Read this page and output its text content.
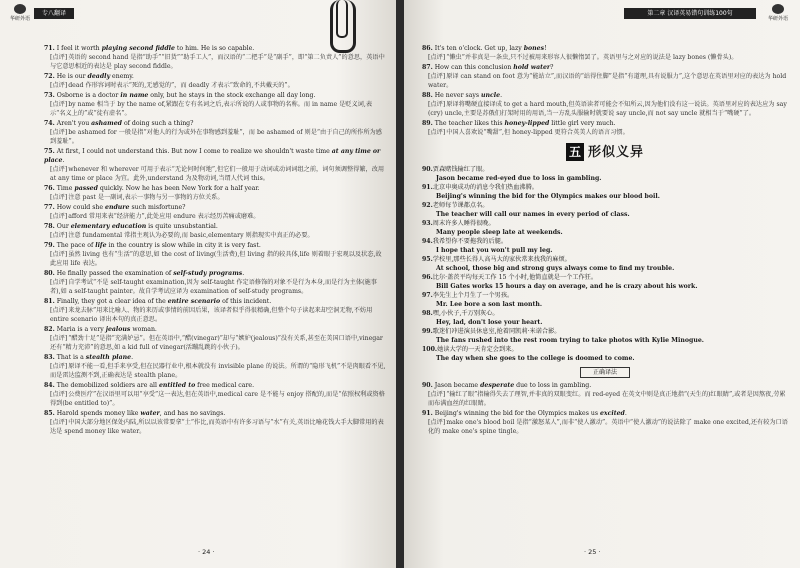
华研外语
专八翻译

71. I feel it worth playing second fiddle to him. He is so capable.

[点评]英语的 second hand 是指“助手”“旧货”“助手工人”，而汉语的“二把手”是“副手”，即“第二负责人”的意思，英语中与它意思相近的表达是 play second fiddle。

72. He is our deadly enemy.

[点评]dead 作形容词时表示“死的,无感觉的”，而 deadly 才表示“致命的,不共戴天的”。

73. Osborne is a doctor in name only, but he stays in the stock exchange all day long.

[点评]by name 相当于 by the name of,紧跟在专有名词之后,表示所说的人或事物的名称。而 in name 是贬义词,表示“名义上的”或“徒有虚名”。

74. Aren't you ashamed of doing such a thing?

[点评]be ashamed for 一般是指“对他人的行为或外在事物感到羞耻”，而 be ashamed of 则是“由于自己的所作所为感到羞耻”。

75. At first, I could not understand this. But now I come to realize we shouldn't waste time at any time or place.

[点评]whenever 和 wherever 可用于表示“无论何时何地”,但它们一般用于动词或动词词组之前，词句须调整得繁，改用 at any time or place 为宜。此外,understand 为及物动词,当谓人代词 this。

76. Time passed quickly. Now he has been New York for a half year.

[点评]注意 past 是一副词,表示一事物与另一事物的方位关系。

77. How could she endure such misfortune?

[点评]afford 常用来表“经济能力”,此处应用 endure 表示经历苦痛或磨难。

78. Our elementary education is quite unsubstantial.

[点评]注意 fundamental 常指主观认为必要的,而 basic,elementary 则指现实中真正的必要。

79. The pace of life in the country is slow while in city it is very fast.

[点评]虽然 living 也有“生活”的意思,如 the cost of living(生活费),但 living 指的较具体,life 则着眼于宏观以及状态,故此应用 life 表达。

80. He finally passed the examination of self-study programs.

[点评]自学考试“不是 self-taught examination,因为 self-taught 作定语修饰的对象不是行为本身,而是行为主体(施事者),如 a self-taught painter。故自学考试应译为 examination of self-study programs。

81. Finally, they got a clear idea of the entire scenario of this incident.

[点评]来龙去脉”用来比喻人、物的来历或事情的前因后果，该译者似乎得很精确,但整个句子读起来却空洞无物,不妨用 entire scenario 译出本句的真正意思。

82. Maria is a very jealous woman.

[点评]“醋劲十足”是指“充满妒忌”。但在英语中,“醋(vinegar)”却与“嫉妒(jealous)”没有关系,甚至在美国口语中,vinegar 还有“精力充沛”的意思,如 a kid full of vinegar(活蹦乱跳的小伙子)。

83. That is a stealth plane.

[点评]原译不能一看,但手来享受,但在民器行业中,根本就没有 invisible plane 的说法。所谓的“隐形飞机”不是肉眼看不见,而是雷达监测不到,正确表达是 stealth plane。

84. The demobilized soldiers are all entitled to free medical care.

[点评]公费医疗”在汉语里可以用“享受”这一表达,但在英语中,medical care 是不能与 enjoy 搭配的,而是“依照权利或资格得到(be entitled to)”。

85. Harold spends money like water, and has no savings.

[点评]中国大部分地区保处内陆,所以以该常要拿“土”作比,而英语中有许多习语与“水”有关,英语比喻花钱大手大脚常用的表达是 spend money like water。

· 24 ·
第二章 汉译英易错句训练100句
华研外语

86. It's ten o'clock. Get up, lazy bones!

[点评]“懒虫”并非真是一条虫,只不过被用来形容人很懒惰罢了。英语里与之对应的说法是 lazy bones (懒骨头)。

87. How can this conclusion hold water?

[点评]原译 can stand on foot 意为“能站立”,而汉语的“站得住脚”是指“有道理,具有说服力”,这个意思在英语里对应的表达为 hold water。

88. He never says uncle.

[点评]原译将嘴硬直接译成 to get a hard mouth,但英语读者可能会不知所云,因为他们没有这一说法。英语里对应的表达应为 say (cry) uncle,主要是苏俄们打架时用的用语,当一方乱头服输时就要说 say uncle,而 not say uncle 就相当于“嘴硬”了。

89. The teacher likes this honey-lipped little girl very much.

[点评]中国人喜欢说“嘴甜”,但 honey-lipped 更符合英美人的语言习惯。

五 形似义异

90.贾森赌钱输红了眼。

Jason became red-eyed due to loss in gambling.

91.北京申奥成功的消息令我们热血沸腾。

Beijing's winning the bid for the Olympics makes our blood boil.

92.老师每节课都点名。

The teacher will call our names in every period of class.

93.周末许多人睡得很晚。

Many people sleep late at weekends.

94.我希望你不要拖我的后腿。

I hope that you won't pull my leg.

95.学校里,那些长得人高马大的家伙常来找我的麻烦。

At school, those big and strong guys always come to find my trouble.

96.比尔·盖茨平均每天工作 15 个小时,他简直就是一个工作狂。

Bill Gates works 15 hours a day on average, and he is crazy about his work.

97.李先生上个月生了一个男孩。

Mr. Lee bore a son last month.

98.嘿,小伙子,千万别灰心。

Hey, lad, don't lose your heart.

99.歌迷们冲进演员休息室,抢着同凯莉·米诺合影。

The fans rushed into the rest room trying to take photos with Kylie Minogue.

100.她读大学的一天肯定会到来。

The day when she goes to the college is doomed to come.

正确译法

90. Jason became desperate due to loss in gambling.

[点评]“输红了眼”指输得失去了理智,并非真的双眼变红。而 red-eyed 在英文中则是真正地指“(天生的)红眼睛”,或者是因熬夜,劳累而布满血丝的红眼睛。

91. Beijing's winning the bid for the Olympics makes us excited.

[点评]make one's blood boil 是指“激怒某人”,而非“使人激动”。英语中“使人激动”的说法除了 make one excited,还有较为口语化的 make one's spine tingle。

· 25 ·
